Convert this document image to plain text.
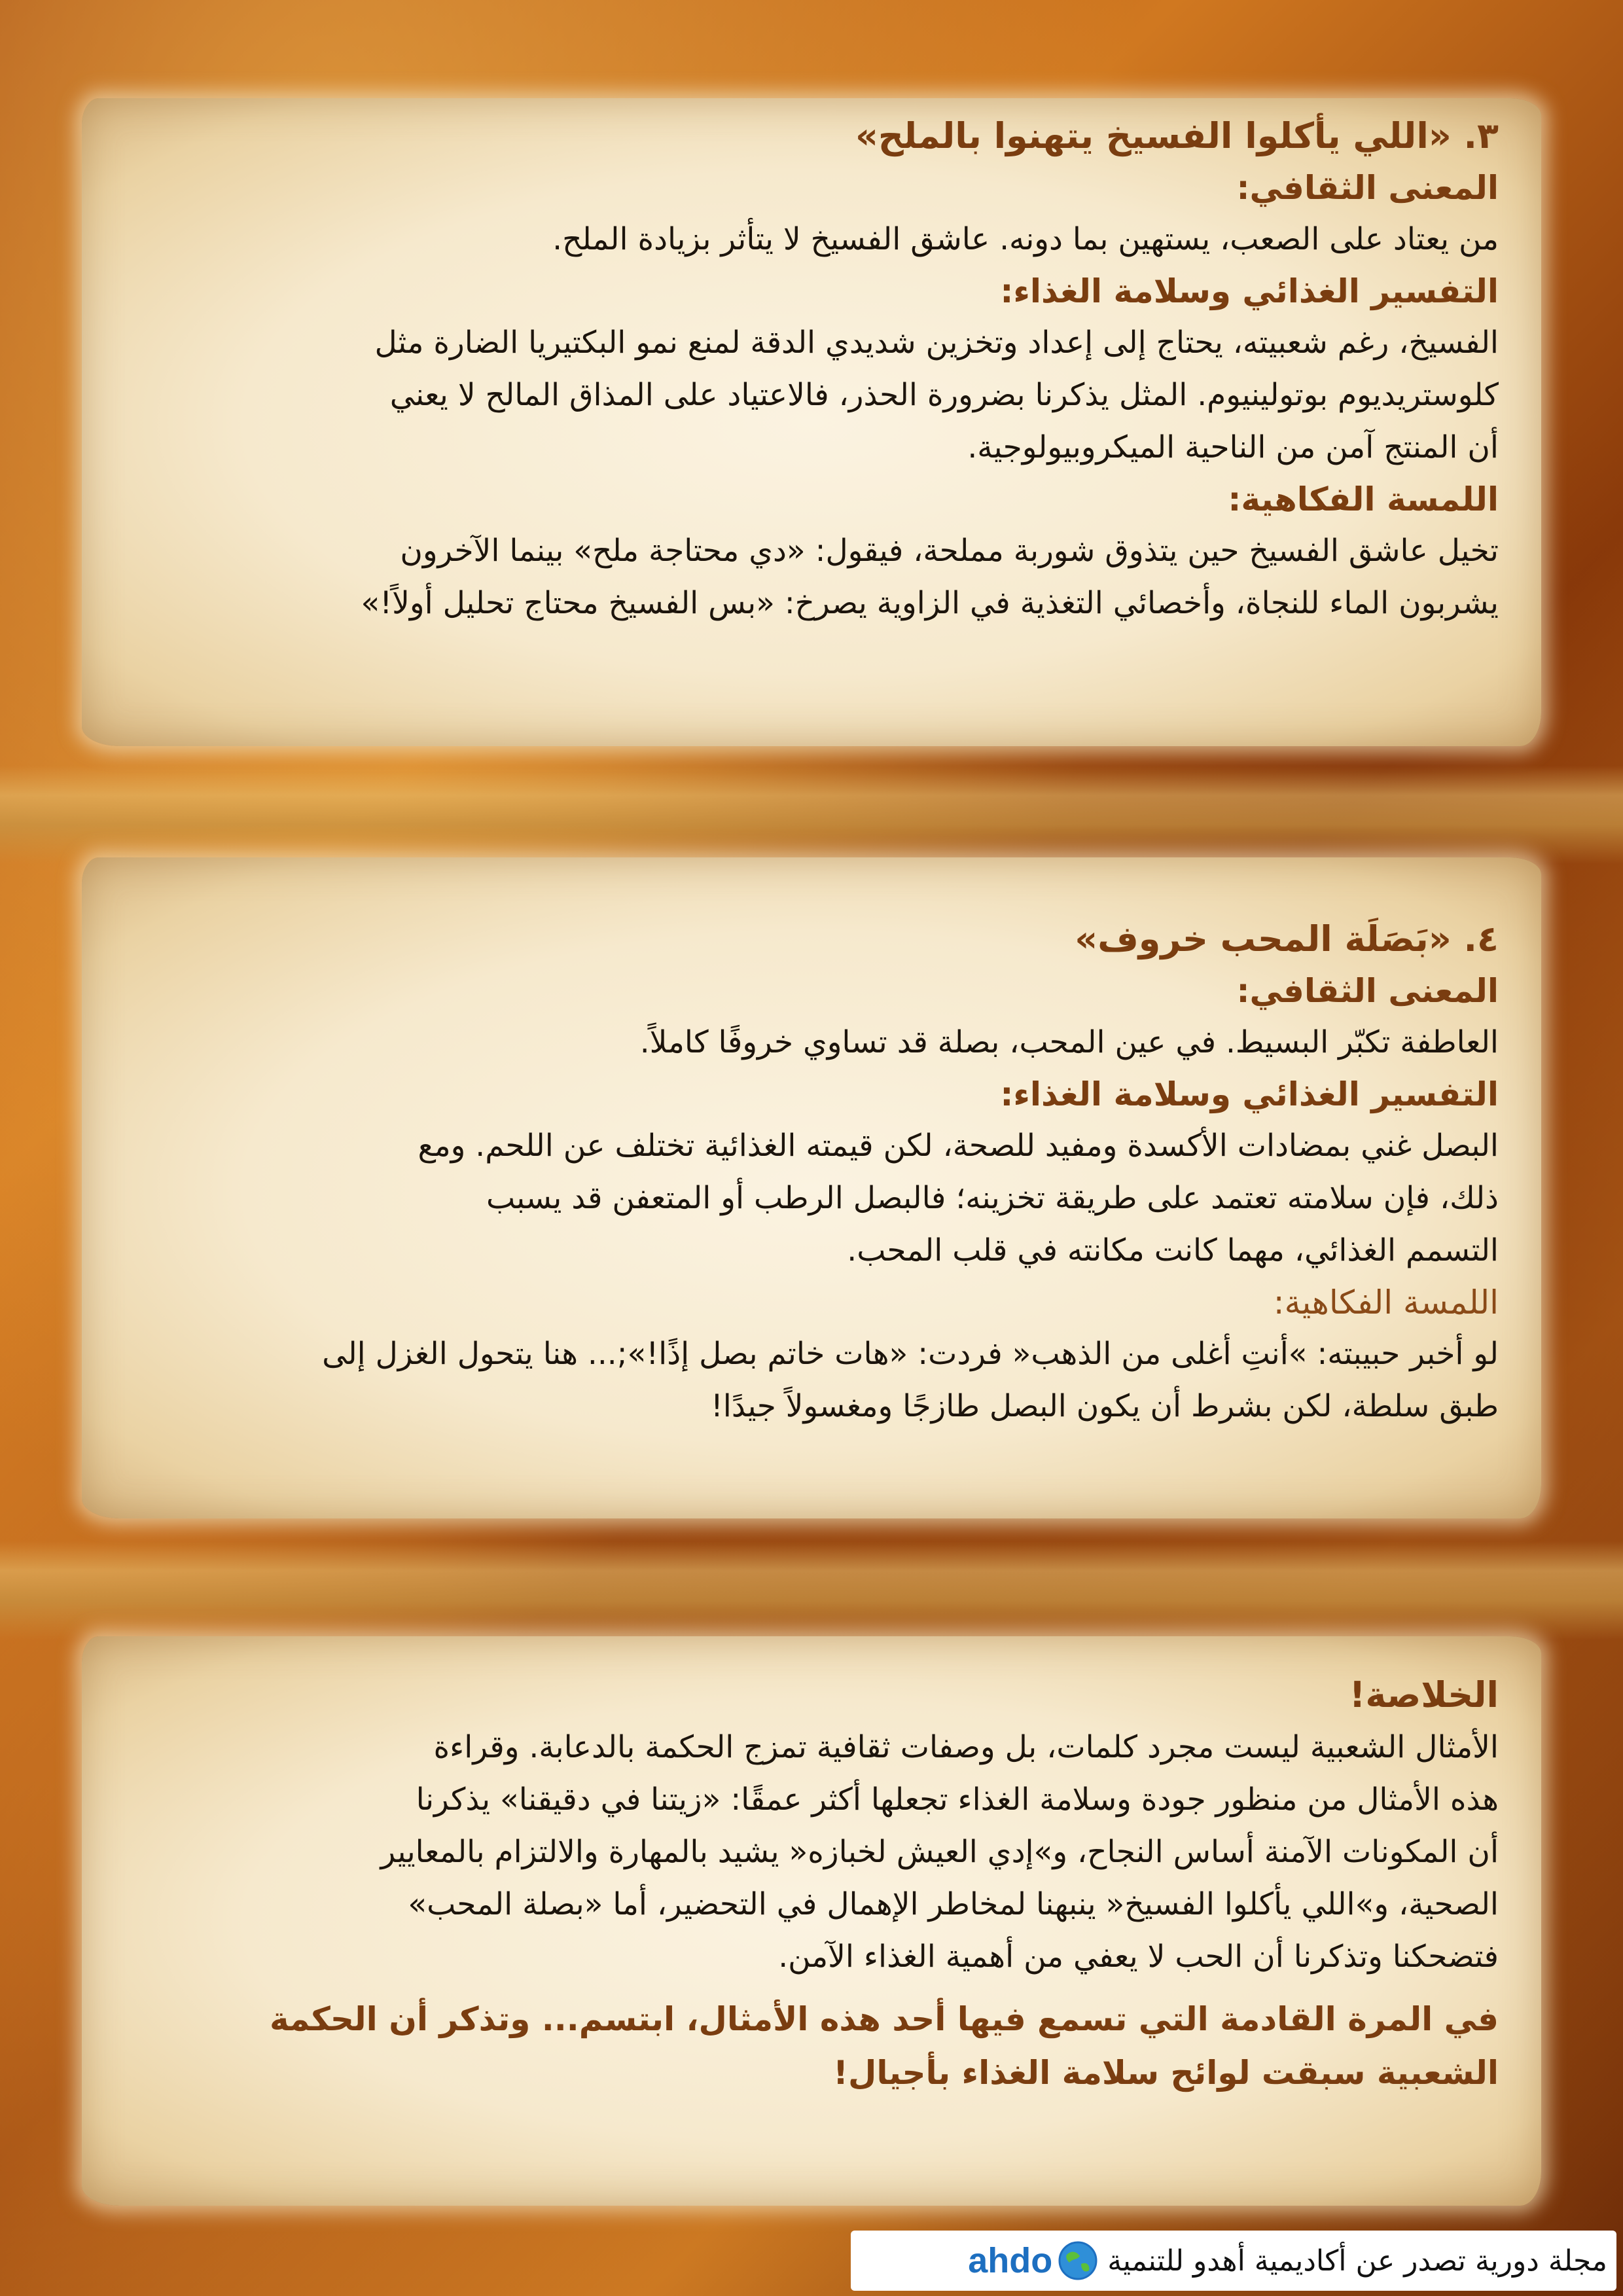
٣. «اللي يأكلوا الفسيخ يتهنوا بالملح»

المعنى الثقافي:

من يعتاد على الصعب، يستهين بما دونه. عاشق الفسيخ لا يتأثر بزيادة الملح.

التفسير الغذائي وسلامة الغذاء:

الفسيخ، رغم شعبيته، يحتاج إلى إعداد وتخزين شديدي الدقة لمنع نمو البكتيريا الضارة مثل

كلوستريديوم بوتولينيوم. المثل يذكرنا بضرورة الحذر، فالاعتياد على المذاق المالح لا يعني

أن المنتج آمن من الناحية الميكروبيولوجية.

اللمسة الفكاهية:

تخيل عاشق الفسيخ حين يتذوق شوربة مملحة، فيقول: «دي محتاجة ملح» بينما الآخرون

يشربون الماء للنجاة، وأخصائي التغذية في الزاوية يصرخ: «بس الفسيخ محتاج تحليل أولاً!»

٤. «بَصَلَة المحب خروف»

المعنى الثقافي:

العاطفة تكبّر البسيط. في عين المحب، بصلة قد تساوي خروفًا كاملاً.

التفسير الغذائي وسلامة الغذاء:

البصل غني بمضادات الأكسدة ومفيد للصحة، لكن قيمته الغذائية تختلف عن اللحم. ومع

ذلك، فإن سلامته تعتمد على طريقة تخزينه؛ فالبصل الرطب أو المتعفن قد يسبب

التسمم الغذائي، مهما كانت مكانته في قلب المحب.

اللمسة الفكاهية:

لو أخبر حبيبته: »أنتِ أغلى من الذهب« فردت: «هات خاتم بصل إذًا!»;... هنا يتحول الغزل إلى

طبق سلطة، لكن بشرط أن يكون البصل طازجًا ومغسولاً جيدًا!

الخلاصة!

الأمثال الشعبية ليست مجرد كلمات، بل وصفات ثقافية تمزج الحكمة بالدعابة. وقراءة

هذه الأمثال من منظور جودة وسلامة الغذاء تجعلها أكثر عمقًا: «زيتنا في دقيقنا» يذكرنا

أن المكونات الآمنة أساس النجاح، و»إدي العيش لخبازه« يشيد بالمهارة والالتزام بالمعايير

الصحية، و»اللي يأكلوا الفسيخ« ينبهنا لمخاطر الإهمال في التحضير، أما «بصلة المحب»

فتضحكنا وتذكرنا أن الحب لا يعفي من أهمية الغذاء الآمن.

في المرة القادمة التي تسمع فيها أحد هذه الأمثال، ابتسم... وتذكر أن الحكمة

الشعبية سبقت لوائح سلامة الغذاء بأجيال!

مجلة دورية تصدر عن أكاديمية أهدو للتنمية
ahdo
